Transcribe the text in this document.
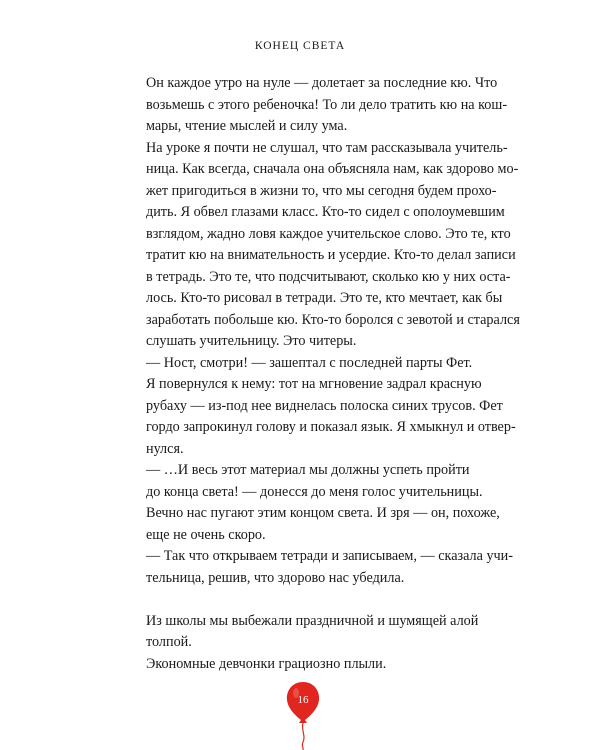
КОНЕЦ СВЕТА
Он каждое утро на нуле — долетает за последние кю. Что
возьмешь с этого ребеночка! То ли дело тратить кю на кош-
мары, чтение мыслей и силу ума.
На уроке я почти не слушал, что там рассказывала учитель-
ница. Как всегда, сначала она объясняла нам, как здорово мо-
жет пригодиться в жизни то, что мы сегодня будем прохо-
дить. Я обвел глазами класс. Кто-то сидел с ополоумевшим
взглядом, жадно ловя каждое учительское слово. Это те, кто
тратит кю на внимательность и усердие. Кто-то делал записи
в тетрадь. Это те, что подсчитывают, сколько кю у них оста-
лось. Кто-то рисовал в тетради. Это те, кто мечтает, как бы
заработать побольше кю. Кто-то боролся с зевотой и старался
слушать учительницу. Это читеры.
— Ност, смотри! — зашептал с последней парты Фет.
Я повернулся к нему: тот на мгновение задрал красную
рубаху — из-под нее виднелась полоска синих трусов. Фет
гордо запрокинул голову и показал язык. Я хмыкнул и отвер-
нулся.
— …И весь этот материал мы должны успеть пройти
до конца света! — донесся до меня голос учительницы.
Вечно нас пугают этим концом света. И зря — он, похоже,
еще не очень скоро.
— Так что открываем тетради и записываем, — сказала учи-
тельница, решив, что здорово нас убедила.
Из школы мы выбежали праздничной и шумящей алой
толпой.
Экономные девчонки грациозно плыли.
16
